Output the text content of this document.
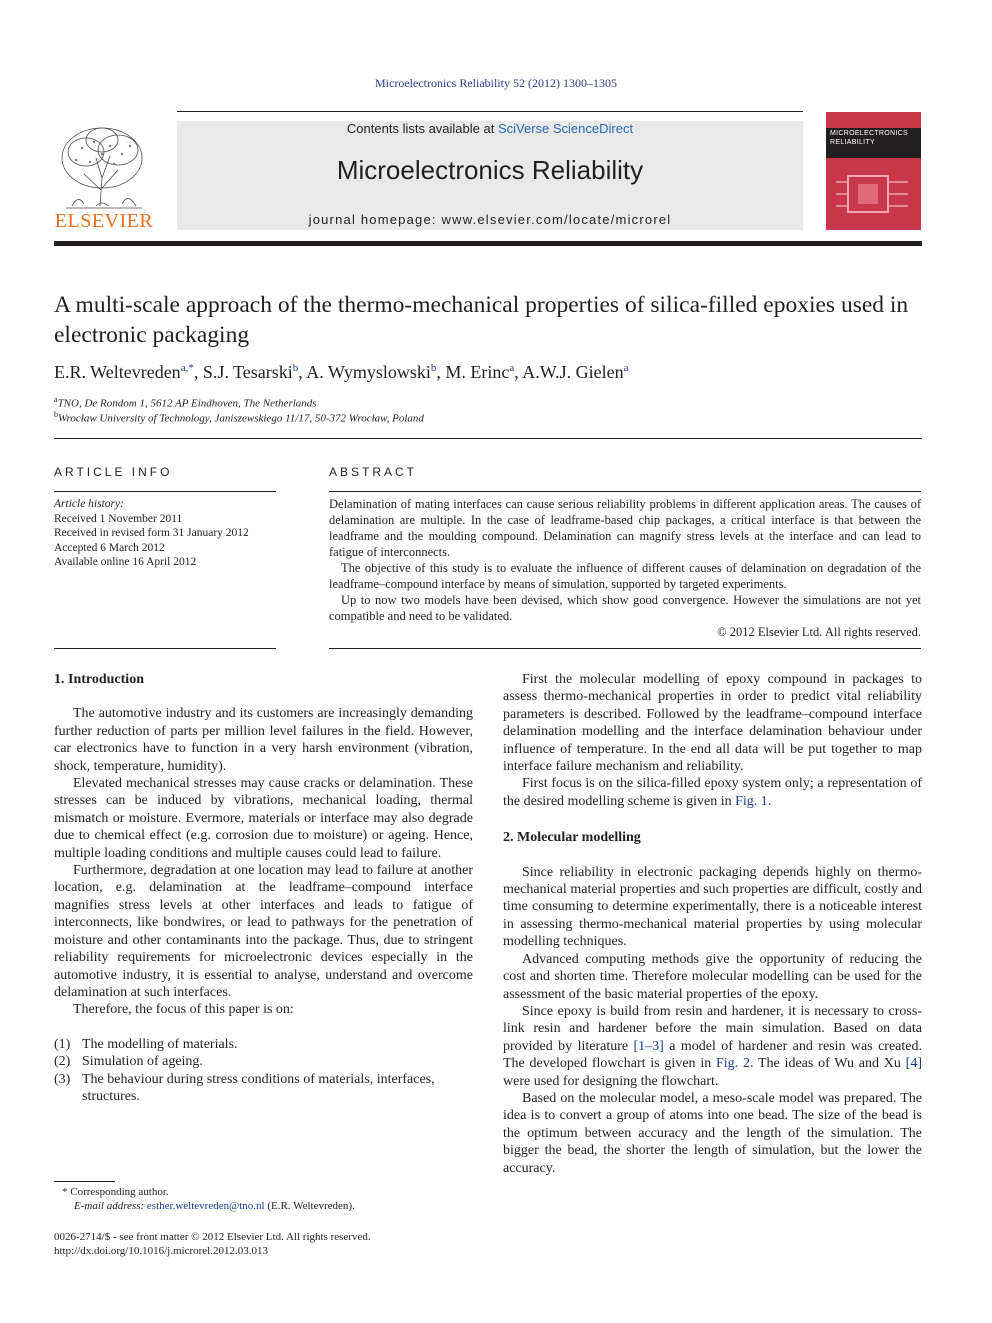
Microelectronics Reliability 52 (2012) 1300–1305
ELSEVIER
Contents lists available at SciVerse ScienceDirect
Microelectronics Reliability
journal homepage: www.elsevier.com/locate/microrel
MICROELECTRONICS RELIABILITY
A multi-scale approach of the thermo-mechanical properties of silica-filled epoxies used in electronic packaging
E.R. Weltevreden$^{a,*}$, S.J. Tesarski$^b$, A. Wymyslowski$^b$, M. Erinc$^a$, A.W.J. Gielen$^a$
$^a$TNO, De Rondom 1, 5612 AP Eindhoven, The Netherlands
$^b$Wrocław University of Technology, Janiszewskiego 11/17, 50-372 Wrocław, Poland
ARTICLE INFO
Article history:
Received 1 November 2011
Received in revised form 31 January 2012
Accepted 6 March 2012
Available online 16 April 2012
ABSTRACT

Delamination of mating interfaces can cause serious reliability problems in different application areas. The causes of delamination are multiple. In the case of leadframe-based chip packages, a critical interface is that between the leadframe and the moulding compound. Delamination can magnify stress levels at the interface and can lead to fatigue of interconnects.

The objective of this study is to evaluate the influence of different causes of delamination on degradation of the leadframe–compound interface by means of simulation, supported by targeted experiments.

Up to now two models have been devised, which show good convergence. However the simulations are not yet compatible and need to be validated.

© 2012 Elsevier Ltd. All rights reserved.
1. Introduction

The automotive industry and its customers are increasingly demanding further reduction of parts per million level failures in the field. However, car electronics have to function in a very harsh environment (vibration, shock, temperature, humidity).

Elevated mechanical stresses may cause cracks or delamination. These stresses can be induced by vibrations, mechanical loading, thermal mismatch or moisture. Evermore, materials or interface may also degrade due to chemical effect (e.g. corrosion due to moisture) or ageing. Hence, multiple loading conditions and multiple causes could lead to failure.

Furthermore, degradation at one location may lead to failure at another location, e.g. delamination at the leadframe–compound interface magnifies stress levels at other interfaces and leads to fatigue of interconnects, like bondwires, or lead to pathways for the penetration of moisture and other contaminants into the package. Thus, due to stringent reliability requirements for microelectronic devices especially in the automotive industry, it is essential to analyse, understand and overcome delamination at such interfaces.

Therefore, the focus of this paper is on:

(1) The modelling of materials.
(2) Simulation of ageing.
(3) The behaviour during stress conditions of materials, interfaces, structures.

First the molecular modelling of epoxy compound in packages to assess thermo-mechanical properties in order to predict vital reliability parameters is described. Followed by the leadframe–compound interface delamination modelling and the interface delamination behaviour under influence of temperature. In the end all data will be put together to map interface failure mechanism and reliability.

First focus is on the silica-filled epoxy system only; a representation of the desired modelling scheme is given in Fig. 1.

2. Molecular modelling

Since reliability in electronic packaging depends highly on thermo-mechanical material properties and such properties are difficult, costly and time consuming to determine experimentally, there is a noticeable interest in assessing thermo-mechanical material properties by using molecular modelling techniques.

Advanced computing methods give the opportunity of reducing the cost and shorten time. Therefore molecular modelling can be used for the assessment of the basic material properties of the epoxy.

Since epoxy is build from resin and hardener, it is necessary to cross-link resin and hardener before the main simulation. Based on data provided by literature [1–3] a model of hardener and resin was created. The developed flowchart is given in Fig. 2. The ideas of Wu and Xu [4] were used for designing the flowchart.

Based on the molecular model, a meso-scale model was prepared. The idea is to convert a group of atoms into one bead. The size of the bead is the optimum between accuracy and the length of the simulation. The bigger the bead, the shorter the length of simulation, but the lower the accuracy.

* Corresponding author.
E-mail address: esther.weltevreden@tno.nl (E.R. Weltevreden).
0026-2714/$ - see front matter © 2012 Elsevier Ltd. All rights reserved.
http://dx.doi.org/10.1016/j.microrel.2012.03.013
